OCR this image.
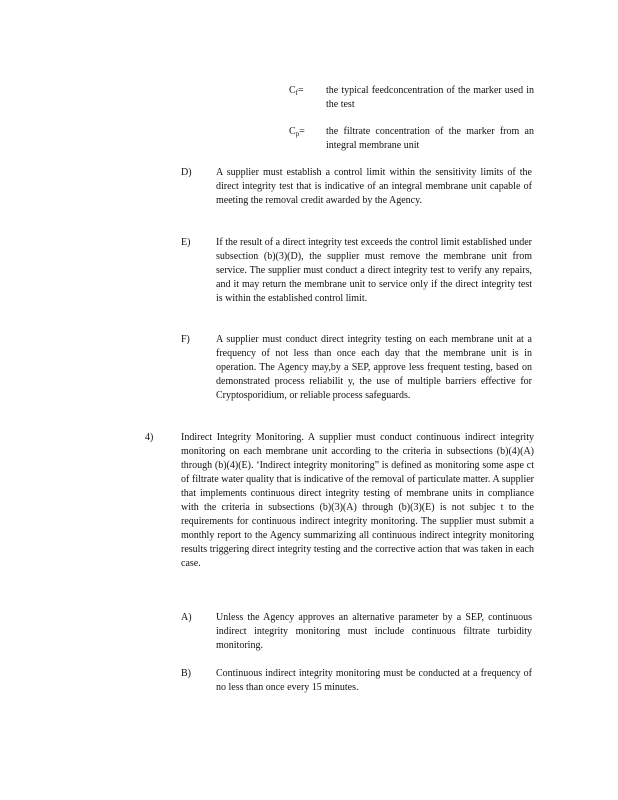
$C_f=$ the typical feedconcentration of the marker used in the test
$C_p=$ the filtrate concentration of the marker from an integral membrane unit
D) A supplier must establish a control limit within the sensitivity limits of the direct integrity test that is indicative of an integral membrane unit capable of meeting the removal credit awarded by the Agency.
E)	If the result of a direct integrity test exceeds the control limit established under subsection (b)(3)(D), the supplier must remove the membrane unit from service. The supplier must conduct a direct integrity test to verify any repairs, and it may return the membrane unit to service only if the direct integrity test is within the established control limit.
F)	A supplier must conduct direct integrity testing on each membrane unit at a frequency of not less than once each day that the membrane unit is in operation. The Agency may,by a SEP, approve less frequent testing, based on demonstrated process reliabilit y, the use of multiple barriers effective for Cryptosporidium, or reliable process safeguards.
4)	Indirect Integrity Monitoring. A supplier must conduct continuous indirect integrity monitoring on each membrane unit according to the criteria in subsections (b)(4)(A) through (b)(4)(E). ‘Indirect integrity monitoring” is defined as monitoring some aspe ct of filtrate water quality that is indicative of the removal of particulate matter. A supplier that implements continuous direct integrity testing of membrane units in compliance with the criteria in subsections (b)(3)(A) through (b)(3)(E) is not subjec t to the requirements for continuous indirect integrity monitoring. The supplier must submit a monthly report to the Agency summarizing all continuous indirect integrity monitoring results triggering direct integrity testing and the corrective action that was taken in each case.
A) Unless the Agency approves an alternative parameter by a SEP, continuous indirect integrity monitoring must include continuous filtrate turbidity monitoring.
B)	Continuous indirect integrity monitoring must be conducted at a frequency of no less than once every 15 minutes.
